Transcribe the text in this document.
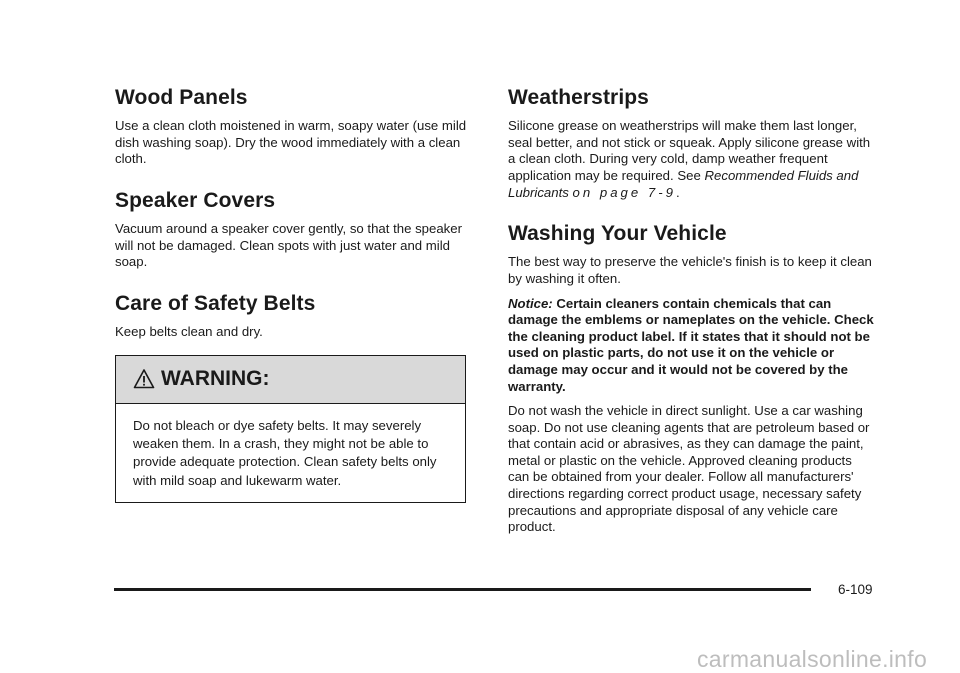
Wood Panels

Use a clean cloth moistened in warm, soapy water (use mild dish washing soap). Dry the wood immediately with a clean cloth.

Speaker Covers

Vacuum around a speaker cover gently, so that the speaker will not be damaged. Clean spots with just water and mild soap.

Care of Safety Belts

Keep belts clean and dry.

WARNING:

Do not bleach or dye safety belts. It may severely weaken them. In a crash, they might not be able to provide adequate protection. Clean safety belts only with mild soap and lukewarm water.

Weatherstrips

Silicone grease on weatherstrips will make them last longer, seal better, and not stick or squeak. Apply silicone grease with a clean cloth. During very cold, damp weather frequent application may be required. See Recommended Fluids and Lubricants on page 7-9.

Washing Your Vehicle

The best way to preserve the vehicle's finish is to keep it clean by washing it often.

Notice: Certain cleaners contain chemicals that can damage the emblems or nameplates on the vehicle. Check the cleaning product label. If it states that it should not be used on plastic parts, do not use it on the vehicle or damage may occur and it would not be covered by the warranty.

Do not wash the vehicle in direct sunlight. Use a car washing soap. Do not use cleaning agents that are petroleum based or that contain acid or abrasives, as they can damage the paint, metal or plastic on the vehicle. Approved cleaning products can be obtained from your dealer. Follow all manufacturers' directions regarding correct product usage, necessary safety precautions and appropriate disposal of any vehicle care product.

6-109
carmanualsonline.info
